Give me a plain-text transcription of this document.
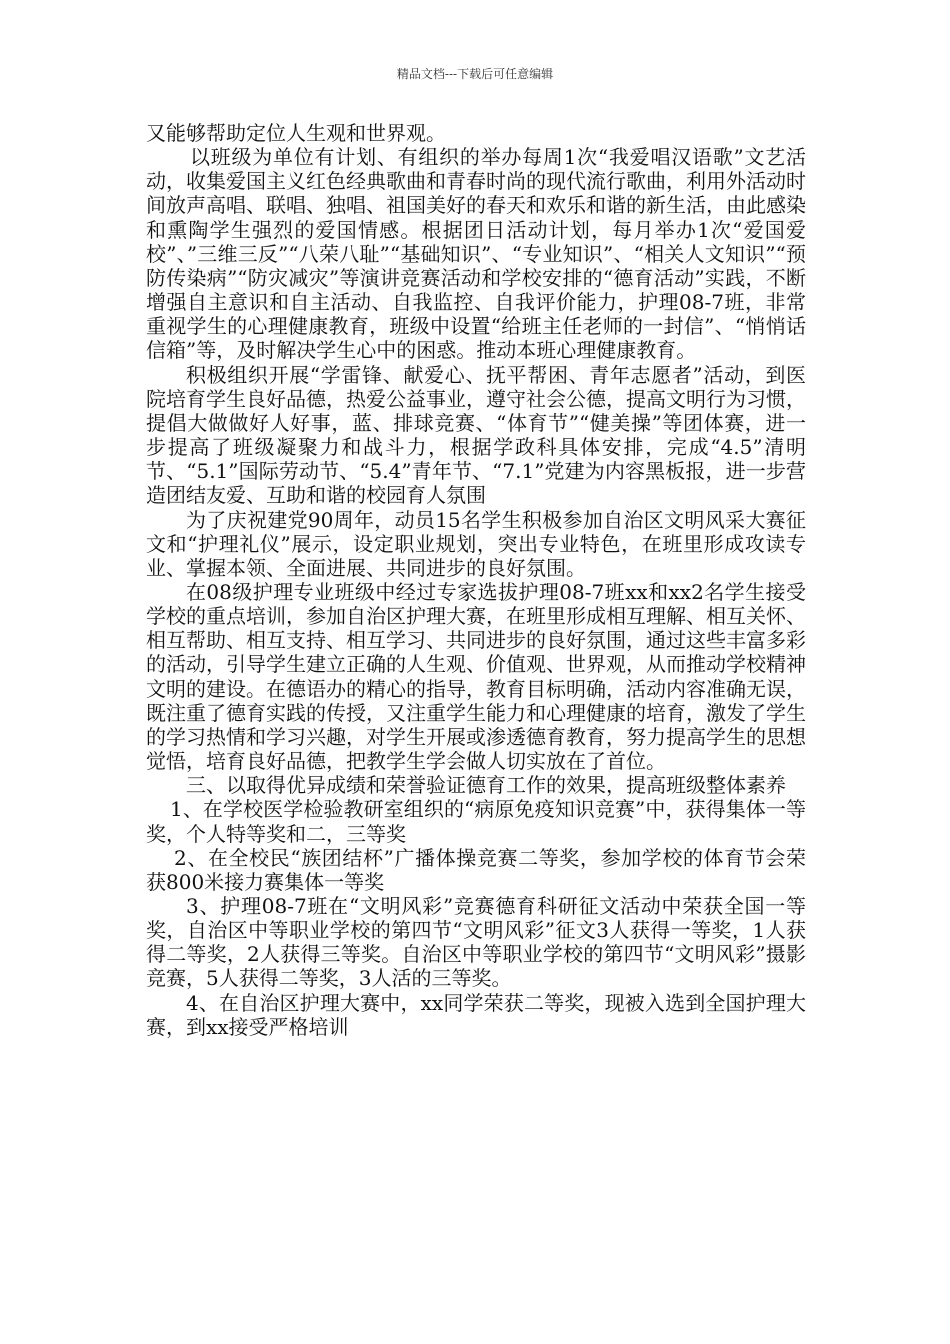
精品文档---下载后可任意编辑

又能够帮助定位人生观和世界观。

以班级为单位有计划、有组织的举办每周1次“我爱唱汉语歌”文艺活动，收集爱国主义红色经典歌曲和青春时尚的现代流行歌曲，利用外活动时间放声高唱、联唱、独唱、祖国美好的春天和欢乐和谐的新生活，由此感染和熏陶学生强烈的爱国情感。根据团日活动计划，每月举办1次“爱国爱校”、”三维三反”“八荣八耻”“基础知识”、“专业知识”、“相关人文知识”“预防传染病”“防灾减灾”等演讲竞赛活动和学校安排的“德育活动”实践，不断增强自主意识和自主活动、自我监控、自我评价能力，护理08-7班，非常重视学生的心理健康教育，班级中设置“给班主任老师的一封信”、“悄悄话信箱”等，及时解决学生心中的困惑。推动本班心理健康教育。

积极组织开展“学雷锋、献爱心、抚平帮困、青年志愿者”活动，到医院培育学生良好品德，热爱公益事业，遵守社会公德，提高文明行为习惯，提倡大做做好人好事，蓝、排球竞赛、“体育节”“健美操”等团体赛，进一步提高了班级凝聚力和战斗力，根据学政科具体安排，完成“4.5”清明节、“5.1”国际劳动节、“5.4”青年节、“7.1”党建为内容黑板报，进一步营造团结友爱、互助和谐的校园育人氛围

为了庆祝建党90周年，动员15名学生积极参加自治区文明风采大赛征文和“护理礼仪”展示，设定职业规划，突出专业特色，在班里形成攻读专业、掌握本领、全面进展、共同进步的良好氛围。

在08级护理专业班级中经过专家选拔护理08-7班xx和xx2名学生接受学校的重点培训，参加自治区护理大赛，在班里形成相互理解、相互关怀、相互帮助、相互支持、相互学习、共同进步的良好氛围，通过这些丰富多彩的活动，引导学生建立正确的人生观、价值观、世界观，从而推动学校精神文明的建设。在德语办的精心的指导，教育目标明确，活动内容准确无误，既注重了德育实践的传授，又注重学生能力和心理健康的培育，激发了学生的学习热情和学习兴趣，对学生开展或渗透德育教育，努力提高学生的思想觉悟，培育良好品德，把教学生学会做人切实放在了首位。

三、以取得优异成绩和荣誉验证德育工作的效果，提高班级整体素养

1、在学校医学检验教研室组织的“病原免疫知识竞赛”中，获得集体一等奖，个人特等奖和二，三等奖

2、在全校民“族团结杯”广播体操竞赛二等奖，参加学校的体育节会荣获800米接力赛集体一等奖

3、护理08-7班在“文明风彩”竞赛德育科研征文活动中荣获全国一等奖，自治区中等职业学校的第四节“文明风彩”征文3人获得一等奖，1人获得二等奖，2人获得三等奖。自治区中等职业学校的第四节“文明风彩”摄影竞赛，5人获得二等奖，3人活的三等奖。

4、在自治区护理大赛中，xx同学荣获二等奖，现被入选到全国护理大赛，到xx接受严格培训
